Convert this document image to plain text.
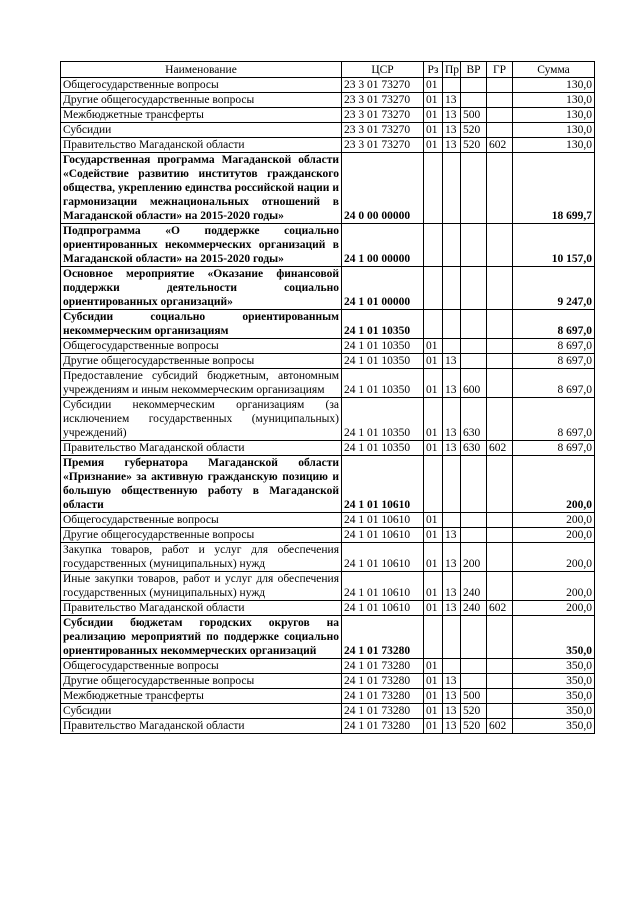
Наименование	ЦСР	Рз	Пр	ВР	ГР	Сумма
Общегосударственные вопросы	23 3 01 73270	01				130,0
Другие общегосударственные вопросы	23 3 01 73270	01	13			130,0
Межбюджетные трансферты	23 3 01 73270	01	13	500		130,0
Субсидии	23 3 01 73270	01	13	520		130,0
Правительство Магаданской области	23 3 01 73270	01	13	520	602	130,0
Государственная программа Магаданской области «Содействие развитию институтов гражданского общества, укреплению единства российской нации и гармонизации межнациональных отношений в Магаданской области» на 2015-2020 годы»	24 0 00 00000					18 699,7
Подпрограмма «О поддержке социально ориентированных некоммерческих организаций в Магаданской области» на 2015-2020 годы»	24 1 00 00000					10 157,0
Основное мероприятие «Оказание финансовой поддержки деятельности социально ориентированных организаций»	24 1 01 00000					9 247,0
Субсидии социально ориентированным некоммерческим организациям	24 1 01 10350					8 697,0
Общегосударственные вопросы	24 1 01 10350	01				8 697,0
Другие общегосударственные вопросы	24 1 01 10350	01	13			8 697,0
Предоставление субсидий бюджетным, автономным учреждениям и иным некоммерческим организациям	24 1 01 10350	01	13	600		8 697,0
Субсидии некоммерческим организациям (за исключением государственных (муниципальных) учреждений)	24 1 01 10350	01	13	630		8 697,0
Правительство Магаданской области	24 1 01 10350	01	13	630	602	8 697,0
Премия губернатора Магаданской области «Признание» за активную гражданскую позицию и большую общественную работу в Магаданской области	24 1 01 10610					200,0
Общегосударственные вопросы	24 1 01 10610	01				200,0
Другие общегосударственные вопросы	24 1 01 10610	01	13			200,0
Закупка товаров, работ и услуг для обеспечения государственных (муниципальных) нужд	24 1 01 10610	01	13	200		200,0
Иные закупки товаров, работ и услуг для обеспечения государственных (муниципальных) нужд	24 1 01 10610	01	13	240		200,0
Правительство Магаданской области	24 1 01 10610	01	13	240	602	200,0
Субсидии бюджетам городских округов на реализацию мероприятий по поддержке социально ориентированных некоммерческих организаций	24 1 01 73280					350,0
Общегосударственные вопросы	24 1 01 73280	01				350,0
Другие общегосударственные вопросы	24 1 01 73280	01	13			350,0
Межбюджетные трансферты	24 1 01 73280	01	13	500		350,0
Субсидии	24 1 01 73280	01	13	520		350,0
Правительство Магаданской области	24 1 01 73280	01	13	520	602	350,0
